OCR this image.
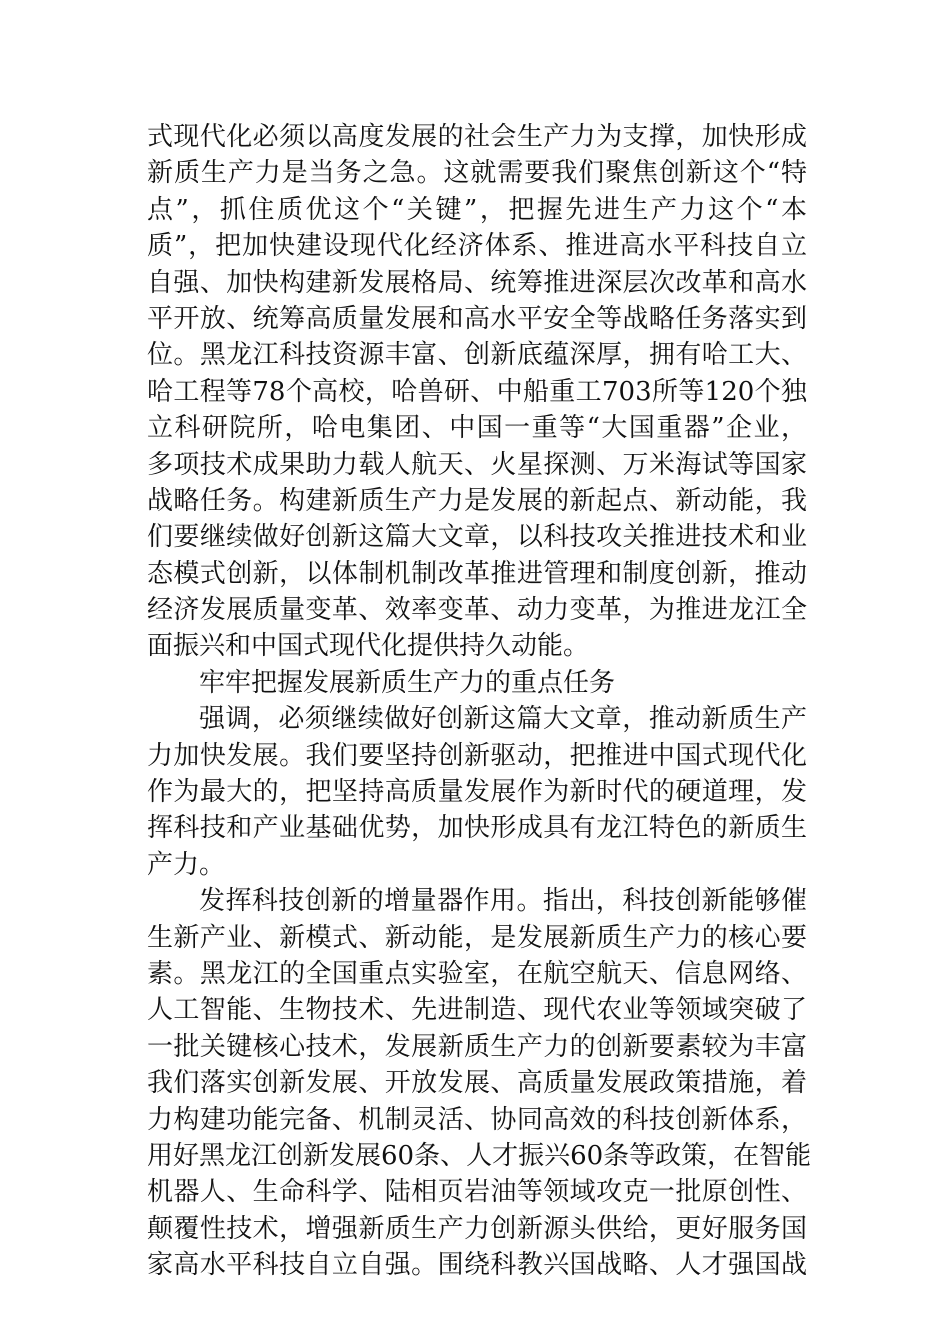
式现代化必须以高度发展的社会生产力为支撑，加快形成
新质生产力是当务之急。这就需要我们聚焦创新这个“特
点”，抓住质优这个“关键”，把握先进生产力这个“本
质”，把加快建设现代化经济体系、推进高水平科技自立
自强、加快构建新发展格局、统筹推进深层次改革和高水
平开放、统筹高质量发展和高水平安全等战略任务落实到
位。黑龙江科技资源丰富、创新底蕴深厚，拥有哈工大、
哈工程等78个高校，哈兽研、中船重工703所等120个独
立科研院所，哈电集团、中国一重等“大国重器”企业，
多项技术成果助力载人航天、火星探测、万米海试等国家
战略任务。构建新质生产力是发展的新起点、新动能，我
们要继续做好创新这篇大文章，以科技攻关推进技术和业
态模式创新，以体制机制改革推进管理和制度创新，推动
经济发展质量变革、效率变革、动力变革，为推进龙江全
面振兴和中国式现代化提供持久动能。
牢牢把握发展新质生产力的重点任务
强调，必须继续做好创新这篇大文章，推动新质生产
力加快发展。我们要坚持创新驱动，把推进中国式现代化
作为最大的，把坚持高质量发展作为新时代的硬道理，发
挥科技和产业基础优势，加快形成具有龙江特色的新质生
产力。
发挥科技创新的增量器作用。指出，科技创新能够催
生新产业、新模式、新动能，是发展新质生产力的核心要
素。黑龙江的全国重点实验室，在航空航天、信息网络、
人工智能、生物技术、先进制造、现代农业等领域突破了
一批关键核心技术，发展新质生产力的创新要素较为丰富
我们落实创新发展、开放发展、高质量发展政策措施，着
力构建功能完备、机制灵活、协同高效的科技创新体系，
用好黑龙江创新发展60条、人才振兴60条等政策，在智能
机器人、生命科学、陆相页岩油等领域攻克一批原创性、
颠覆性技术，增强新质生产力创新源头供给，更好服务国
家高水平科技自立自强。围绕科教兴国战略、人才强国战
